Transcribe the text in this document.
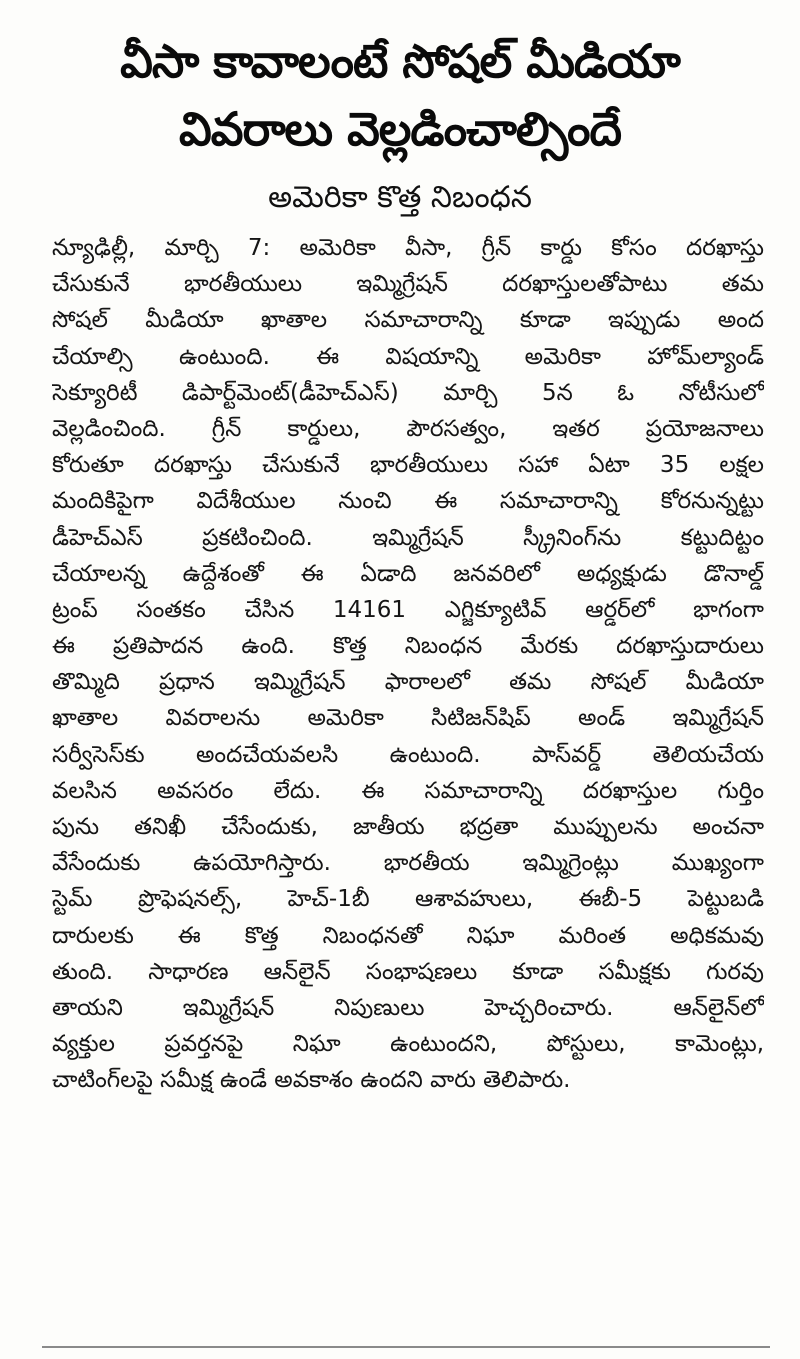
వీసా కావాలంటే సోషల్ మీడియా
వివరాలు వెల్లడించాల్సిందే
అమెరికా కొత్త నిబంధన
న్యూఢిల్లీ, మార్చి 7: అమెరికా వీసా, గ్రీన్ కార్డు కోసం దరఖాస్తు
చేసుకునే భారతీయులు ఇమ్మిగ్రేషన్ దరఖాస్తులతోపాటు తమ
సోషల్ మీడియా ఖాతాల సమాచారాన్ని కూడా ఇప్పుడు అంద
చేయాల్సి ఉంటుంది. ఈ విషయాన్ని అమెరికా హోమ్‌ల్యాండ్
సెక్యూరిటీ డిపార్ట్‌మెంట్(డీహెచ్ఎస్) మార్చి 5న ఓ నోటీసులో
వెల్లడించింది. గ్రీన్ కార్డులు, పౌరసత్వం, ఇతర ప్రయోజనాలు
కోరుతూ దరఖాస్తు చేసుకునే భారతీయులు సహా ఏటా 35 లక్షల
మందికిపైగా విదేశీయుల నుంచి ఈ సమాచారాన్ని కోరనున్నట్టు
డీహెచ్ఎస్ ప్రకటించింది. ఇమ్మిగ్రేషన్ స్క్రీనింగ్‌ను కట్టుదిట్టం
చేయాలన్న ఉద్దేశంతో ఈ ఏడాది జనవరిలో అధ్యక్షుడు డొనాల్డ్
ట్రంప్ సంతకం చేసిన 14161 ఎగ్జిక్యూటివ్ ఆర్డర్‌లో భాగంగా
ఈ ప్రతిపాదన ఉంది. కొత్త నిబంధన మేరకు దరఖాస్తుదారులు
తొమ్మిది ప్రధాన ఇమ్మిగ్రేషన్ ఫారాలలో తమ సోషల్ మీడియా
ఖాతాల వివరాలను అమెరికా సిటిజన్‌షిప్ అండ్ ఇమ్మిగ్రేషన్
సర్వీసెస్‌కు అందచేయవలసి ఉంటుంది. పాస్‌వర్డ్ తెలియచేయ
వలసిన అవసరం లేదు. ఈ సమాచారాన్ని దరఖాస్తుల గుర్తిం
పును తనిఖీ చేసేందుకు, జాతీయ భద్రతా ముప్పులను అంచనా
వేసేందుకు ఉపయోగిస్తారు. భారతీయ ఇమ్మిగ్రెంట్లు ముఖ్యంగా
స్టెమ్ ప్రొఫెషనల్స్, హెచ్-1బీ ఆశావహులు, ఈబీ-5 పెట్టుబడి
దారులకు ఈ కొత్త నిబంధనతో నిఘా మరింత అధికమవు
తుంది. సాధారణ ఆన్‌లైన్ సంభాషణలు కూడా సమీక్షకు గురవు
తాయని ఇమ్మిగ్రేషన్ నిపుణులు హెచ్చరించారు. ఆన్‌లైన్‌లో
వ్యక్తుల ప్రవర్తనపై నిఘా ఉంటుందని, పోస్టులు, కామెంట్లు,
చాటింగ్‌లపై సమీక్ష ఉండే అవకాశం ఉందని వారు తెలిపారు.
